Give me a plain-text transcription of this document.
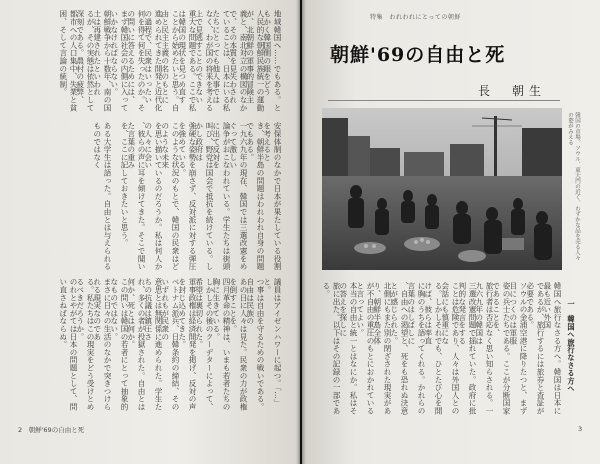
地域韓国へ……でもある。ともかく韓国側の眼をどう
人民的な朝鮮民族統一の運動が、北朝鮮の軍事的冒険主
義と、南北対立の構図のなかで、その本質を見失わされ
ていることは、日本にいる私たちにとっても他人事では
なく、わが国の将来を考える上で見逃すことのできない
重大な問題である。ここで私は韓国の現状を見つめ直す
ことから始めたいと思う。自由と民主主義の名のもとに
進められてきた開発と近代化の過程で、民衆はいったい
何を得て何を失ったのか。その問いに答えるためには、
まず韓国社会の内側に入っていかなければならない。
朝鮮戦争から十数年、南の国土は再建されたといわれ
るが、その実態は依然として深刻である。農村の疲弊、
都市への人口集中、失業と貧困、そして言論の統制。
安保体制のなかで日本が果たしている役割を考えると
き、朝鮮半島の問題はわれわれ自身の問題でもある。
一九六九年の現在、韓国では三選改憲をめぐって激しい
論争がおこなわれている。学生たちは街頭に出て反対を
叫び、野党は国会で抵抗を続けている。しかし政府は
強硬な姿勢を崩さず、反対派に対する弾圧を強めている。
このような状況のもとで、韓国の民衆はどのような未来
を思い描いているのだろうか。私は何人かの人々に会い
、彼らの声に耳を傾けてきた。そこで聞いた言葉の重み
を、ここに記しておきたいと思う。
ある大学生は語った。自由とは与えられるものではなく
議員はアイゼンハワーに起つ。「…」と。
つ事は自由を守るための戦いである。自由は民族の
あの日に人々は見た。民衆の力が政権を倒すことを。
四月革命の精神は、いまも若者たちの胸に生きている。
しかしその後のクーデターによって、希望は裏切られた。
軍事政権は経済開発を掲げ、反対の声を封じ込めてきた。
ベトナム派兵、日韓条約の締結、そのいずれもが民衆の
意思とは無関係に進められた。学生たちの抗議は鎮圧さ
れ、多くの者が投獄された。自由とは何か、死とは何か。
この問いは韓国の若者にとって抽象的なものではない。
まさに日々の生活のなかで突きつけられる現実なのであ
る。私たちはこの現実をどう受けとめるべきだろうか。
のれとやがては日本の問題として、問い直さねばならぬ。
2　朝鮮'69の自由と死
特集　われわれにとっての朝鮮
朝鮮'69の自由と死
長　朝生
韓国の市場。ソウル、東大門の近く、わずかな品を売る人々の姿がみえる
一　韓国へ旅行なさる方へ
韓国へ旅行なさる方へ。韓国は日本に最も近い外国
であるが、旅行するには旅券と査証が必要である。
ソウルの金浦空港に降りたつと、まず目につくのは軍服
姿の兵士たちである。ここが分断国家であることを、
旅行者は否応なく思い知らされる。一九六九年の韓国は
三選改憲問題で揺れていた。政府に批判的な発言をする
ことは危険であり、人々は外国人との会話にも慎重にな
る。しかしそれでも、ひとたび心を開けば、彼らは率直
に胸のうちを語ってくれる。かれらの言葉のはしばしに
、自由への渇望と、死をも恐れぬ決意とが感じられた。
北側にもまた別の閉ざされた現実があり、朝鮮半島全体
が不自由の重圧のもとにおかれていると言ってよい。
本当の自由と統一とはなにか。私はその答えを探しに
旅に出た。以下はその記録の一部である。
3
